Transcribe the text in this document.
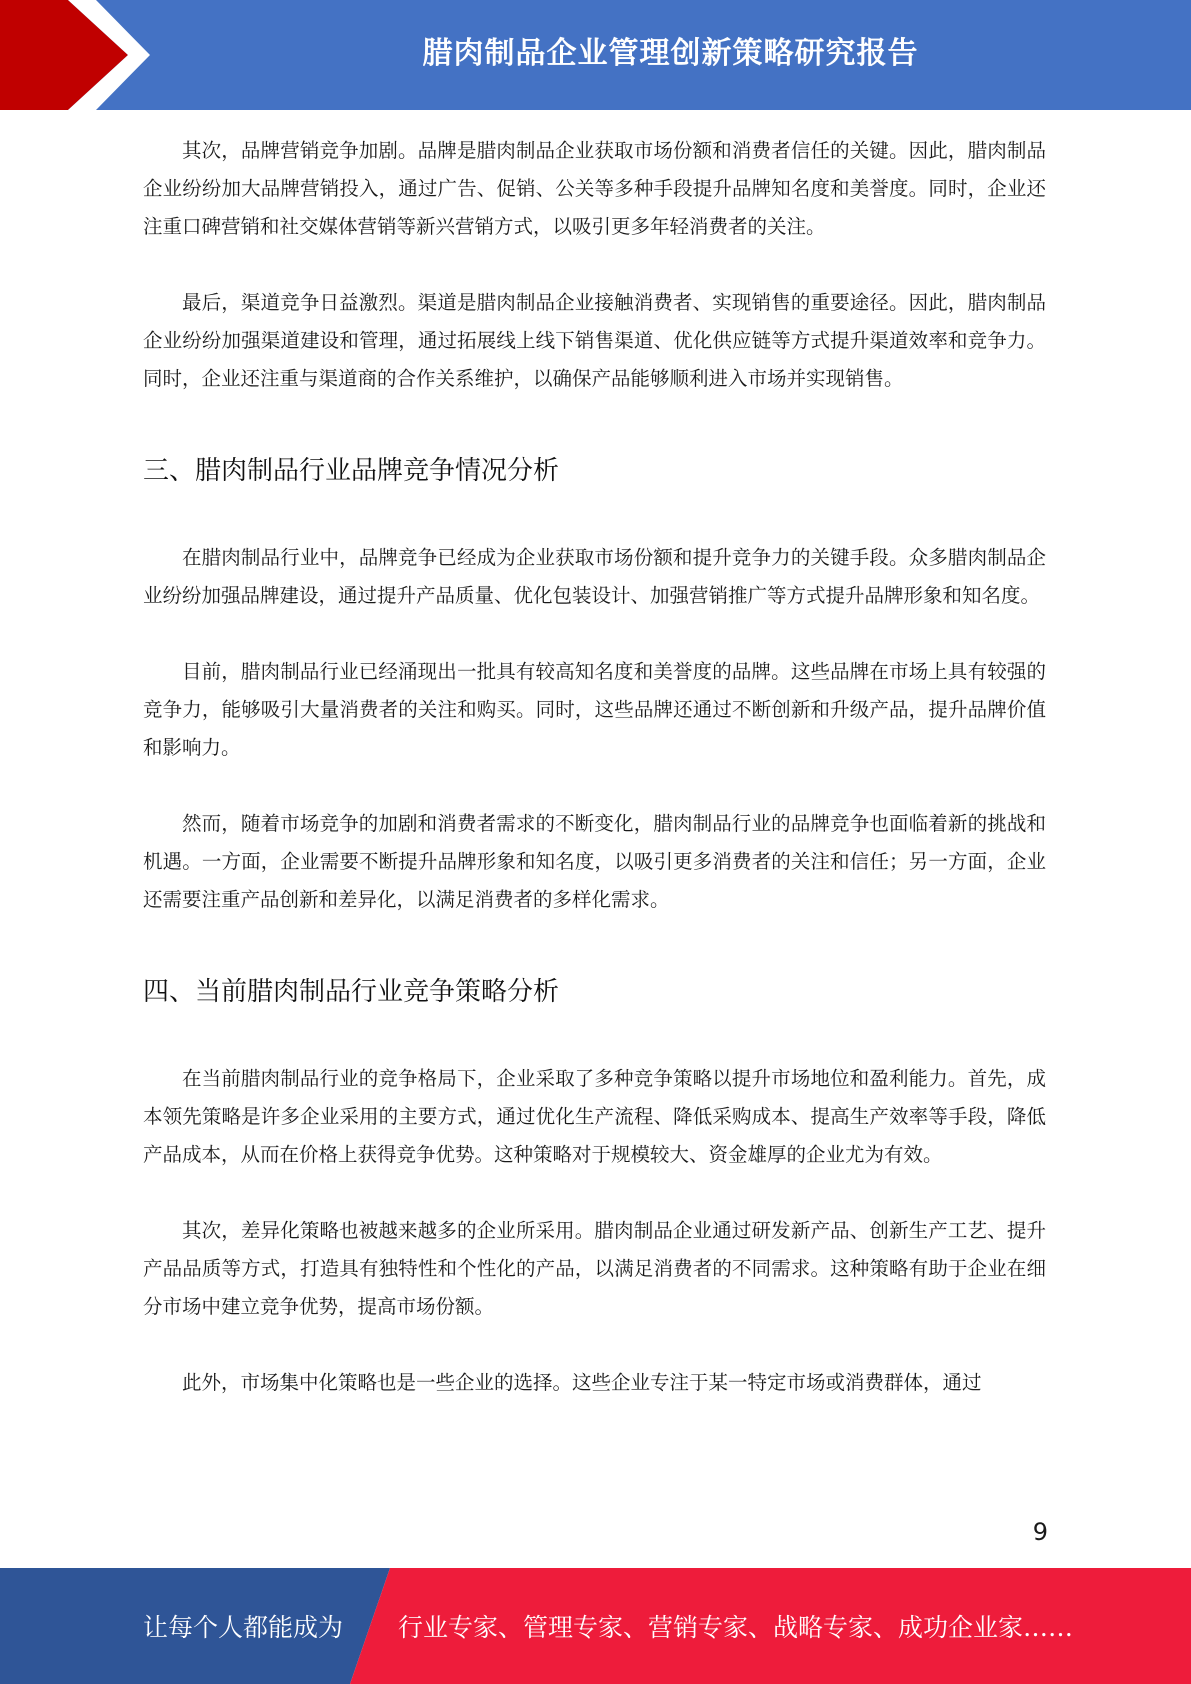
腊肉制品企业管理创新策略研究报告

其次，品牌营销竞争加剧。品牌是腊肉制品企业获取市场份额和消费者信任的关键。因此，腊肉制品企业纷纷加大品牌营销投入，通过广告、促销、公关等多种手段提升品牌知名度和美誉度。同时，企业还注重口碑营销和社交媒体营销等新兴营销方式，以吸引更多年轻消费者的关注。

最后，渠道竞争日益激烈。渠道是腊肉制品企业接触消费者、实现销售的重要途径。因此，腊肉制品企业纷纷加强渠道建设和管理，通过拓展线上线下销售渠道、优化供应链等方式提升渠道效率和竞争力。同时，企业还注重与渠道商的合作关系维护，以确保产品能够顺利进入市场并实现销售。

三、腊肉制品行业品牌竞争情况分析

在腊肉制品行业中，品牌竞争已经成为企业获取市场份额和提升竞争力的关键手段。众多腊肉制品企业纷纷加强品牌建设，通过提升产品质量、优化包装设计、加强营销推广等方式提升品牌形象和知名度。

目前，腊肉制品行业已经涌现出一批具有较高知名度和美誉度的品牌。这些品牌在市场上具有较强的竞争力，能够吸引大量消费者的关注和购买。同时，这些品牌还通过不断创新和升级产品，提升品牌价值和影响力。

然而，随着市场竞争的加剧和消费者需求的不断变化，腊肉制品行业的品牌竞争也面临着新的挑战和机遇。一方面，企业需要不断提升品牌形象和知名度，以吸引更多消费者的关注和信任；另一方面，企业还需要注重产品创新和差异化，以满足消费者的多样化需求。

四、当前腊肉制品行业竞争策略分析

在当前腊肉制品行业的竞争格局下，企业采取了多种竞争策略以提升市场地位和盈利能力。首先，成本领先策略是许多企业采用的主要方式，通过优化生产流程、降低采购成本、提高生产效率等手段，降低产品成本，从而在价格上获得竞争优势。这种策略对于规模较大、资金雄厚的企业尤为有效。

其次，差异化策略也被越来越多的企业所采用。腊肉制品企业通过研发新产品、创新生产工艺、提升产品品质等方式，打造具有独特性和个性化的产品，以满足消费者的不同需求。这种策略有助于企业在细分市场中建立竞争优势，提高市场份额。

此外，市场集中化策略也是一些企业的选择。这些企业专注于某一特定市场或消费群体，通过

9
让每个人都能成为 行业专家、管理专家、营销专家、战略专家、成功企业家……
